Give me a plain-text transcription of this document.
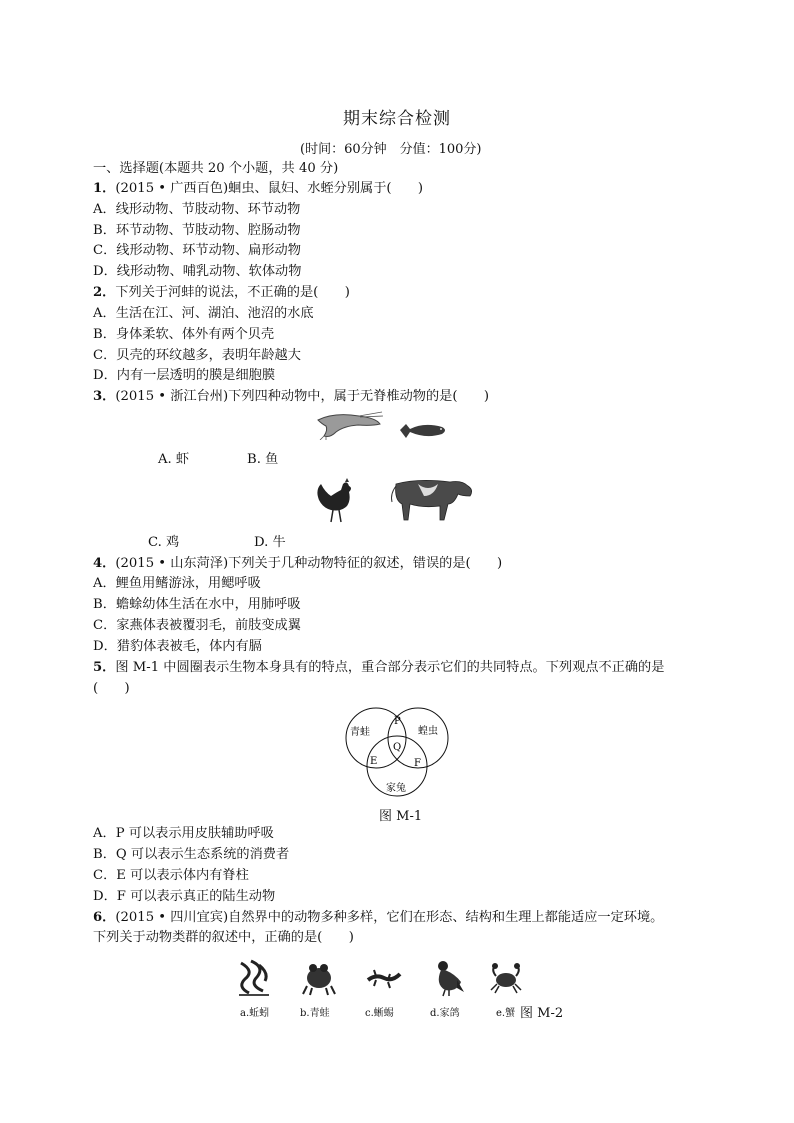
期末综合检测
(时间：60分钟　分值：100分)
一、选择题(本题共 20 个小题，共 40 分)
1．(2015 • 广西百色)蛔虫、鼠妇、水蛭分别属于(　　)
A．线形动物、节肢动物、环节动物
B．环节动物、节肢动物、腔肠动物
C．线形动物、环节动物、扁形动物
D．线形动物、哺乳动物、软体动物
2．下列关于河蚌的说法，不正确的是(　　)
A．生活在江、河、湖泊、池沼的水底
B．身体柔软、体外有两个贝壳
C．贝壳的环纹越多，表明年龄越大
D．内有一层透明的膜是细胞膜
3．(2015 • 浙江台州)下列四种动物中，属于无脊椎动物的是(　　)
A. 虾	B. 鱼
C. 鸡	D. 牛
4．(2015 • 山东菏泽)下列关于几种动物特征的叙述，错误的是(　　)
A．鲤鱼用鳍游泳，用鳃呼吸
B．蟾蜍幼体生活在水中，用肺呼吸
C．家燕体表被覆羽毛，前肢变成翼
D．猎豹体表被毛，体内有膈
5．图 M-1 中圆圈表示生物本身具有的特点，重合部分表示它们的共同特点。下列观点不正确的是
(　　)
青蛙	蝗虫
家兔
P
Q
E	F
图 M-1
A．P 可以表示用皮肤辅助呼吸
B．Q 可以表示生态系统的消费者
C．E 可以表示体内有脊柱
D．F 可以表示真正的陆生动物
6．(2015 • 四川宜宾)自然界中的动物多种多样，它们在形态、结构和生理上都能适应一定环境。
下列关于动物类群的叙述中，正确的是(　　)
a.蚯蚓	b.青蛙	c.蜥蜴	d.家鸽	e.蟹 图 M-2
